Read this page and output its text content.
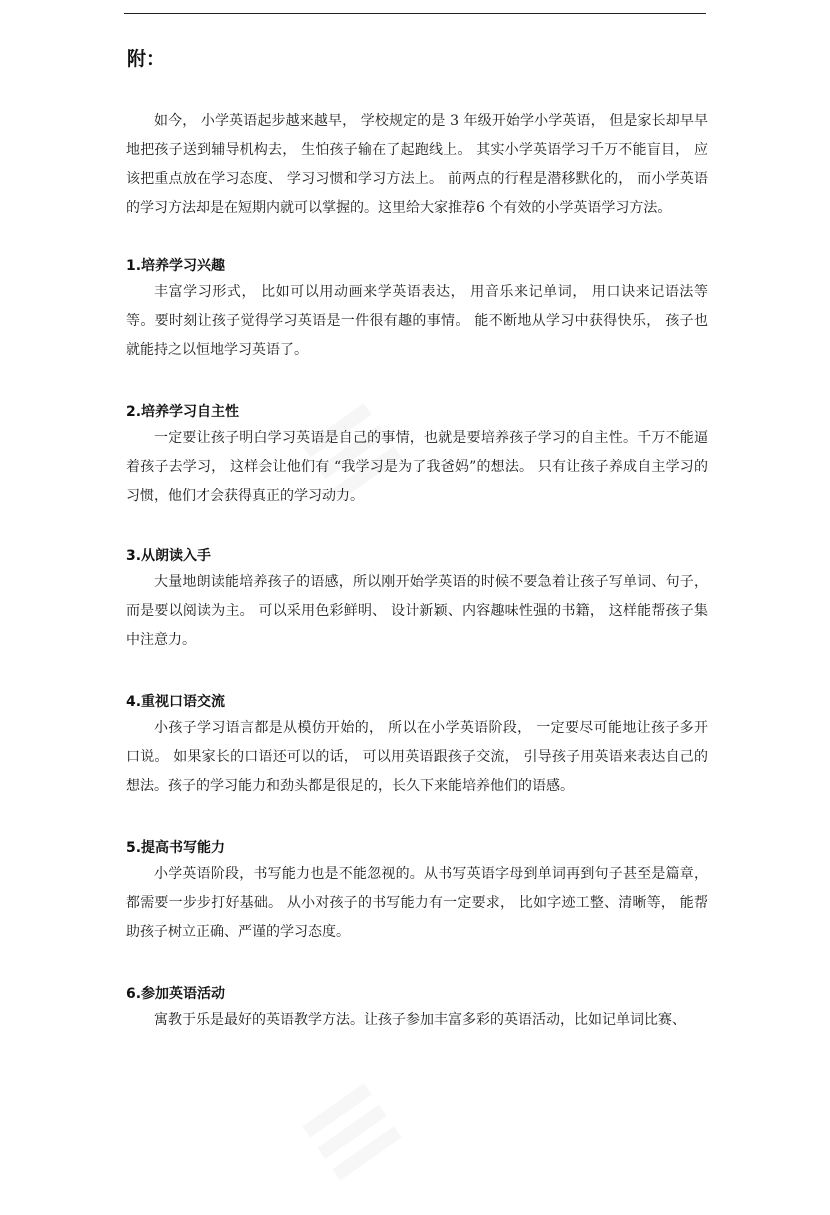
附：

如今， 小学英语起步越来越早， 学校规定的是 3 年级开始学小学英语， 但是家长却早早地把孩子送到辅导机构去， 生怕孩子输在了起跑线上。 其实小学英语学习千万不能盲目， 应该把重点放在学习态度、 学习习惯和学习方法上。 前两点的行程是潜移默化的， 而小学英语的学习方法却是在短期内就可以掌握的。这里给大家推荐6 个有效的小学英语学习方法。

1.培养学习兴趣

丰富学习形式， 比如可以用动画来学英语表达， 用音乐来记单词， 用口诀来记语法等等。要时刻让孩子觉得学习英语是一件很有趣的事情。 能不断地从学习中获得快乐， 孩子也就能持之以恒地学习英语了。

2.培养学习自主性

一定要让孩子明白学习英语是自己的事情，也就是要培养孩子学习的自主性。千万不能逼着孩子去学习， 这样会让他们有 “我学习是为了我爸妈”的想法。 只有让孩子养成自主学习的习惯，他们才会获得真正的学习动力。

3.从朗读入手

大量地朗读能培养孩子的语感，所以刚开始学英语的时候不要急着让孩子写单词、句子，而是要以阅读为主。 可以采用色彩鲜明、 设计新颖、内容趣味性强的书籍， 这样能帮孩子集中注意力。

4.重视口语交流

小孩子学习语言都是从模仿开始的， 所以在小学英语阶段， 一定要尽可能地让孩子多开口说。 如果家长的口语还可以的话， 可以用英语跟孩子交流， 引导孩子用英语来表达自己的想法。孩子的学习能力和劲头都是很足的，长久下来能培养他们的语感。

5.提高书写能力

小学英语阶段，书写能力也是不能忽视的。从书写英语字母到单词再到句子甚至是篇章，都需要一步步打好基础。 从小对孩子的书写能力有一定要求， 比如字迹工整、清晰等， 能帮助孩子树立正确、严谨的学习态度。

6.参加英语活动

寓教于乐是最好的英语教学方法。让孩子参加丰富多彩的英语活动，比如记单词比赛、
